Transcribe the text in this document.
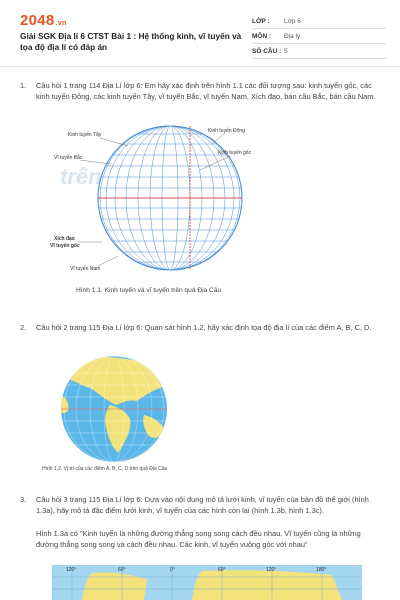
2048.vn
Giải SGK Địa lí 6 CTST Bài 1 : Hệ thống kinh, vĩ tuyến và tọa độ địa lí có đáp án
LỚP :	Lớp 6
MÔN :	Địa lý
SỐ CÂU : 5
1.	Câu hỏi 1 trang 114 Địa Lí lớp 6: Em hãy xác định trên hình 1.1 các đối tượng sau: kinh tuyến gốc, các kinh tuyến Đông, các kinh tuyến Tây, vĩ tuyến Bắc, vĩ tuyến Nam, Xích đạo, bán cầu Bắc, bán cầu Nam.
trên
Kinh tuyến Tây
Kinh tuyến Đông
Vĩ tuyến Bắc
Kinh tuyến gốc
Xích đạo
Vĩ tuyến gốc
Vĩ tuyến Nam
Hình 1.1. Kinh tuyến và vĩ tuyến trên quả Địa Cầu
2.	Câu hỏi 2 trang 115 Địa Lí lớp 6: Quan sát hình 1.2, hãy xác định tọa độ địa lí của các điểm A, B, C, D.
Hình 1.2. Vị trí của các điểm A, B, C, D trên quả Địa Cầu
3.	Câu hỏi 3 trang 115 Địa Lí lớp 6: Dựa vào nội dung mô tả lưới kinh, vĩ tuyến của bản đồ thế giới (hình 1.3a), hãy mô tả đặc điểm lưới kinh, vĩ tuyến của các hình còn lại (hình 1.3b, hình 1.3c).
Hình 1.3a có "Kinh tuyến là những đường thẳng song song cách đều nhau. Vĩ tuyến cũng là những đường thẳng song song và cách đều nhau. Các kinh, vĩ tuyến vuông góc với nhau"
120°	60°	0°	60°	120°	180°
